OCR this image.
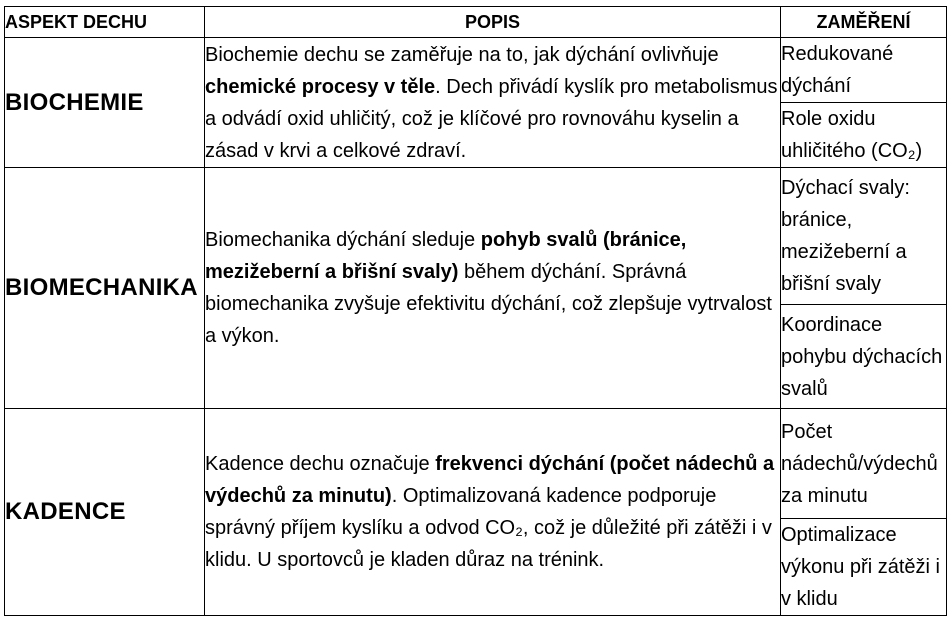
ASPEKT DECHU	POPIS	ZAMĚŘENÍ
BIOCHEMIE	Biochemie dechu se zaměřuje na to, jak dýchání ovlivňuje chemické procesy v těle. Dech přivádí kyslík pro metabolismus a odvádí oxid uhličitý, což je klíčové pro rovnováhu kyselin a zásad v krvi a celkové zdraví.	Redukované dýchání
		Role oxidu uhličitého (CO₂)
BIOMECHANIKA	Biomechanika dýchání sleduje pohyb svalů (bránice, mezižeberní a břišní svaly) během dýchání. Správná biomechanika zvyšuje efektivitu dýchání, což zlepšuje vytrvalost a výkon.	Dýchací svaly: bránice, mezižeberní a břišní svaly
		Koordinace pohybu dýchacích svalů
KADENCE	Kadence dechu označuje frekvenci dýchání (počet nádechů a výdechů za minutu). Optimalizovaná kadence podporuje správný příjem kyslíku a odvod CO₂, což je důležité při zátěži i v klidu. U sportovců je kladen důraz na trénink.	Počet nádechů/výdechů za minutu
		Optimalizace výkonu při zátěži i v klidu
